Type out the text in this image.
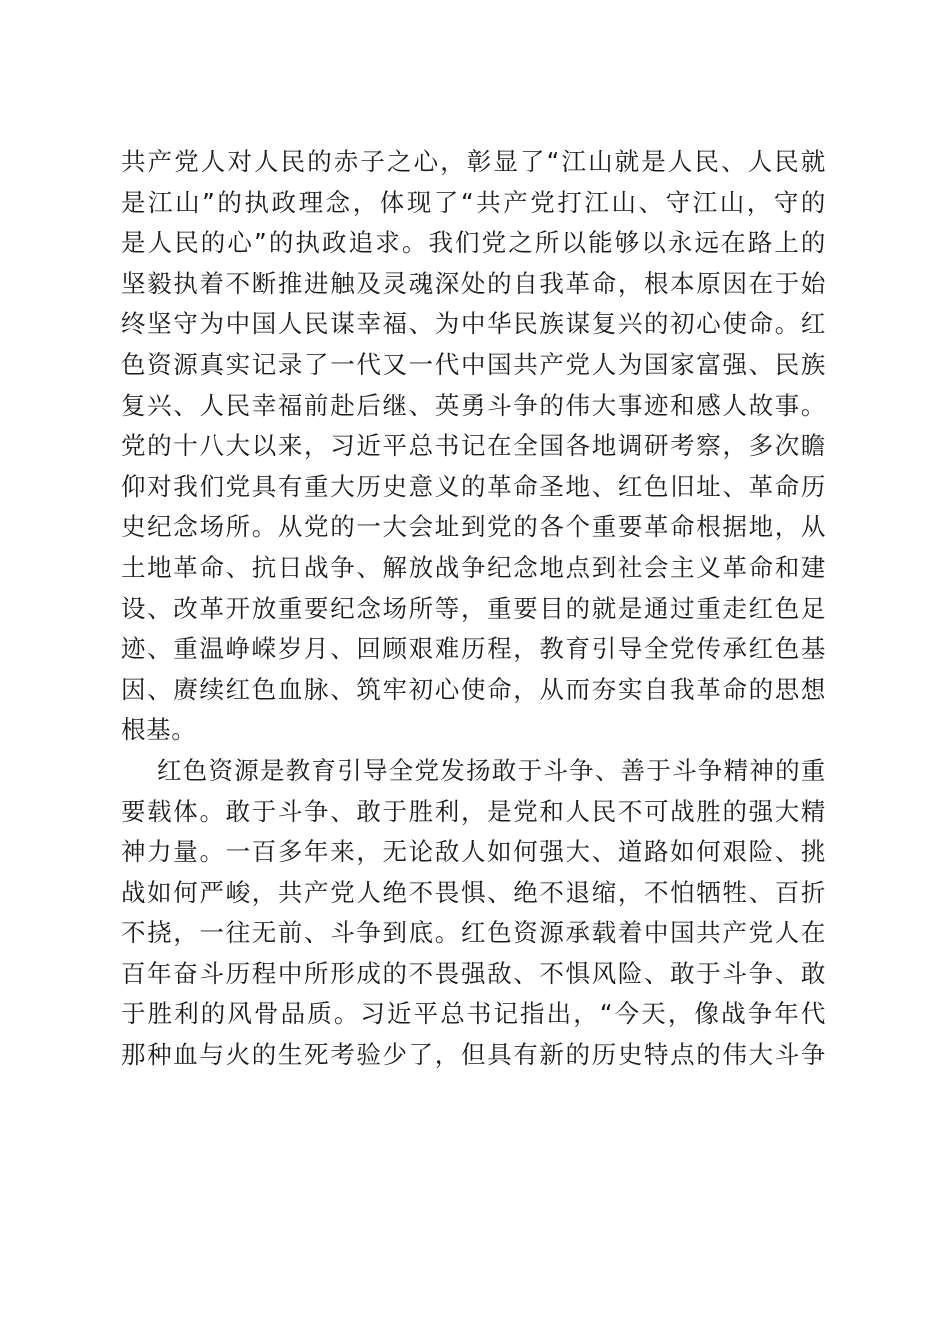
共产党人对人民的赤子之心，彰显了“江山就是人民、人民就
是江山”的执政理念，体现了“共产党打江山、守江山，守的
是人民的心”的执政追求。我们党之所以能够以永远在路上的
坚毅执着不断推进触及灵魂深处的自我革命，根本原因在于始
终坚守为中国人民谋幸福、为中华民族谋复兴的初心使命。红
色资源真实记录了一代又一代中国共产党人为国家富强、民族
复兴、人民幸福前赴后继、英勇斗争的伟大事迹和感人故事。
党的十八大以来，习近平总书记在全国各地调研考察，多次瞻
仰对我们党具有重大历史意义的革命圣地、红色旧址、革命历
史纪念场所。从党的一大会址到党的各个重要革命根据地，从
土地革命、抗日战争、解放战争纪念地点到社会主义革命和建
设、改革开放重要纪念场所等，重要目的就是通过重走红色足
迹、重温峥嵘岁月、回顾艰难历程，教育引导全党传承红色基
因、赓续红色血脉、筑牢初心使命，从而夯实自我革命的思想
根基。

红色资源是教育引导全党发扬敢于斗争、善于斗争精神的重
要载体。敢于斗争、敢于胜利，是党和人民不可战胜的强大精
神力量。一百多年来，无论敌人如何强大、道路如何艰险、挑
战如何严峻，共产党人绝不畏惧、绝不退缩，不怕牺牲、百折
不挠，一往无前、斗争到底。红色资源承载着中国共产党人在
百年奋斗历程中所形成的不畏强敌、不惧风险、敢于斗争、敢
于胜利的风骨品质。习近平总书记指出，“今天，像战争年代
那种血与火的生死考验少了，但具有新的历史特点的伟大斗争
